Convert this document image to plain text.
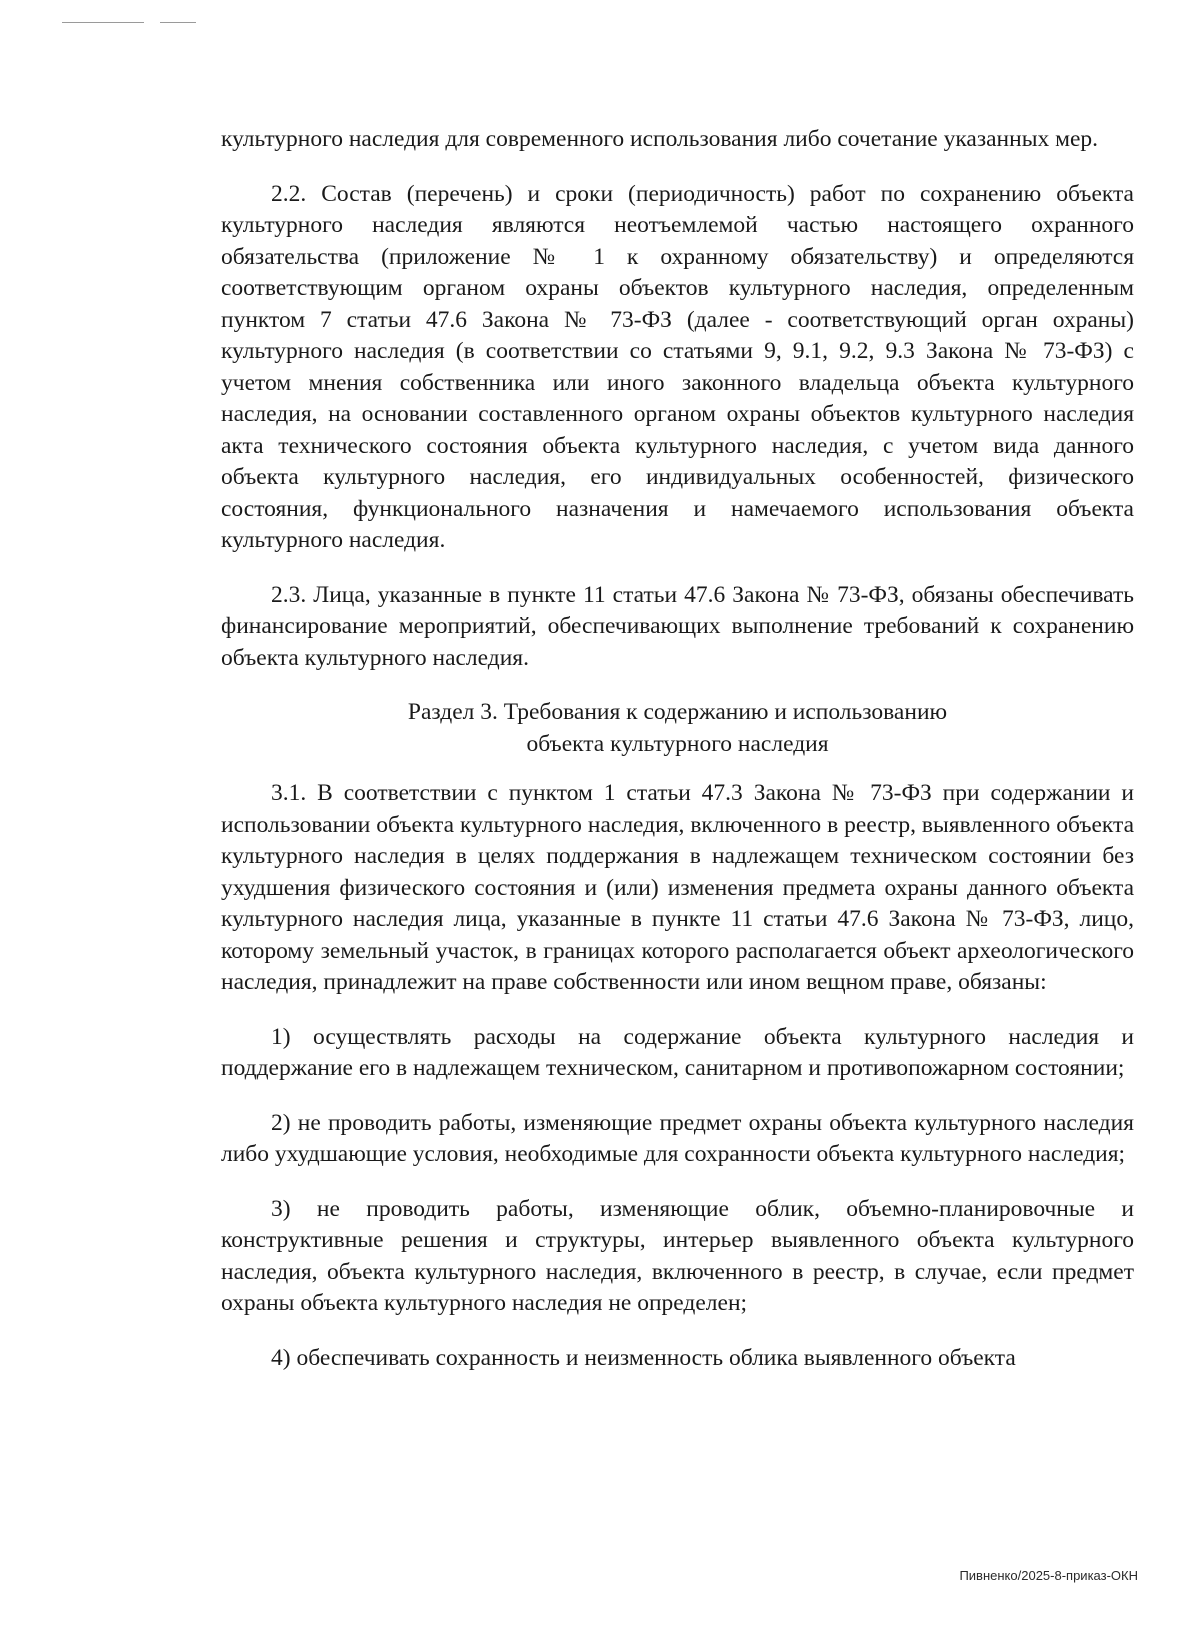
культурного наследия для современного использования либо сочетание указанных мер.

2.2. Состав (перечень) и сроки (периодичность) работ по сохранению объекта культурного наследия являются неотъемлемой частью настоящего охранного обязательства (приложение № 1 к охранному обязательству) и определяются соответствующим органом охраны объектов культурного наследия, определенным пунктом 7 статьи 47.6 Закона № 73-ФЗ (далее - соответствующий орган охраны) культурного наследия (в соответствии со статьями 9, 9.1, 9.2, 9.3 Закона № 73-ФЗ) с учетом мнения собственника или иного законного владельца объекта культурного наследия, на основании составленного органом охраны объектов культурного наследия акта технического состояния объекта культурного наследия, с учетом вида данного объекта культурного наследия, его индивидуальных особенностей, физического состояния, функционального назначения и намечаемого использования объекта культурного наследия.

2.3. Лица, указанные в пункте 11 статьи 47.6 Закона № 73-ФЗ, обязаны обеспечивать финансирование мероприятий, обеспечивающих выполнение требований к сохранению объекта культурного наследия.

Раздел 3. Требования к содержанию и использованию
объекта культурного наследия

3.1. В соответствии с пунктом 1 статьи 47.3 Закона № 73-ФЗ при содержании и использовании объекта культурного наследия, включенного в реестр, выявленного объекта культурного наследия в целях поддержания в надлежащем техническом состоянии без ухудшения физического состояния и (или) изменения предмета охраны данного объекта культурного наследия лица, указанные в пункте 11 статьи 47.6 Закона № 73-ФЗ, лицо, которому земельный участок, в границах которого располагается объект археологического наследия, принадлежит на праве собственности или ином вещном праве, обязаны:

1) осуществлять расходы на содержание объекта культурного наследия и поддержание его в надлежащем техническом, санитарном и противопожарном состоянии;

2) не проводить работы, изменяющие предмет охраны объекта культурного наследия либо ухудшающие условия, необходимые для сохранности объекта культурного наследия;

3) не проводить работы, изменяющие облик, объемно-планировочные и конструктивные решения и структуры, интерьер выявленного объекта культурного наследия, объекта культурного наследия, включенного в реестр, в случае, если предмет охраны объекта культурного наследия не определен;

4) обеспечивать сохранность и неизменность облика выявленного объекта

Пивненко/2025-8-приказ-ОКН
